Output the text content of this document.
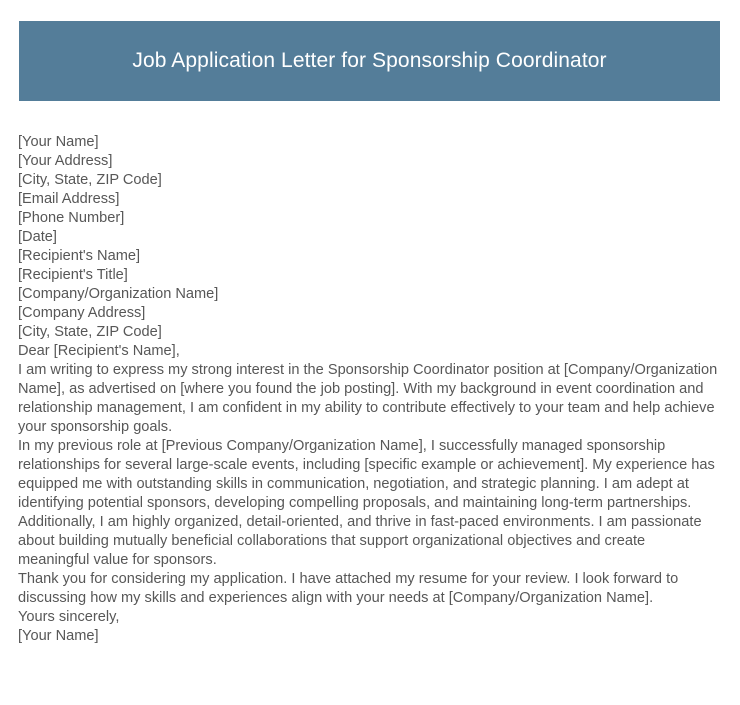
Job Application Letter for Sponsorship Coordinator
[Your Name]
[Your Address]
[City, State, ZIP Code]
[Email Address]
[Phone Number]
[Date]
[Recipient's Name]
[Recipient's Title]
[Company/Organization Name]
[Company Address]
[City, State, ZIP Code]
Dear [Recipient's Name],

I am writing to express my strong interest in the Sponsorship Coordinator position at [Company/Organization Name], as advertised on [where you found the job posting]. With my background in event coordination and relationship management, I am confident in my ability to contribute effectively to your team and help achieve your sponsorship goals.

In my previous role at [Previous Company/Organization Name], I successfully managed sponsorship relationships for several large-scale events, including [specific example or achievement]. My experience has equipped me with outstanding skills in communication, negotiation, and strategic planning. I am adept at identifying potential sponsors, developing compelling proposals, and maintaining long-term partnerships.

Additionally, I am highly organized, detail-oriented, and thrive in fast-paced environments. I am passionate about building mutually beneficial collaborations that support organizational objectives and create meaningful value for sponsors.

Thank you for considering my application. I have attached my resume for your review. I look forward to discussing how my skills and experiences align with your needs at [Company/Organization Name].

Yours sincerely,
[Your Name]
